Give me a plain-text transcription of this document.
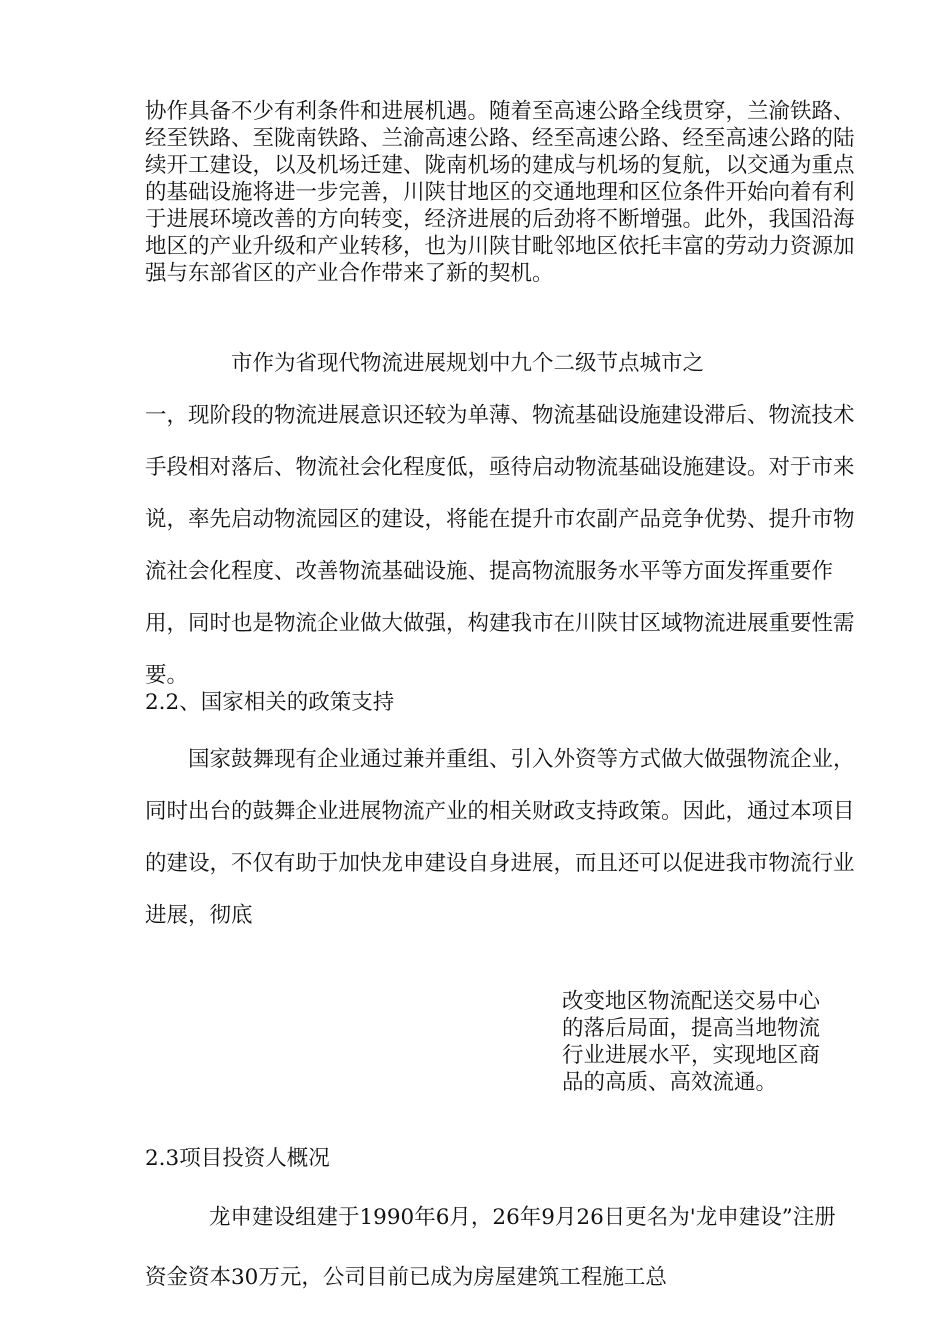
协作具备不少有利条件和进展机遇。随着至高速公路全线贯穿，兰渝铁路、经至铁路、至陇南铁路、兰渝高速公路、经至高速公路、经至高速公路的陆续开工建设，以及机场迁建、陇南机场的建成与机场的复航，以交通为重点的基础设施将进一步完善，川陕甘地区的交通地理和区位条件开始向着有利于进展环境改善的方向转变，经济进展的后劲将不断增强。此外，我国沿海地区的产业升级和产业转移，也为川陕甘毗邻地区依托丰富的劳动力资源加强与东部省区的产业合作带来了新的契机。

市作为省现代物流进展规划中九个二级节点城市之
一，现阶段的物流进展意识还较为单薄、物流基础设施建设滞后、物流技术手段相对落后、物流社会化程度低，亟待启动物流基础设施建设。对于市来说，率先启动物流园区的建设，将能在提升市农副产品竞争优势、提升市物流社会化程度、改善物流基础设施、提高物流服务水平等方面发挥重要作用，同时也是物流企业做大做强，构建我市在川陕甘区域物流进展重要性需要。
2.2、国家相关的政策支持

国家鼓舞现有企业通过兼并重组、引入外资等方式做大做强物流企业，同时出台的鼓舞企业进展物流产业的相关财政支持政策。因此，通过本项目的建设，不仅有助于加快龙申建设自身进展，而且还可以促进我市物流行业进展，彻底

改变地区物流配送交易中心的落后局面，提高当地物流行业进展水平，实现地区商品的高质、高效流通。

2.3项目投资人概况

龙申建设组建于1990年6月，26年9月26日更名为'龙申建设”注册资金资本30万元，公司目前已成为房屋建筑工程施工总
